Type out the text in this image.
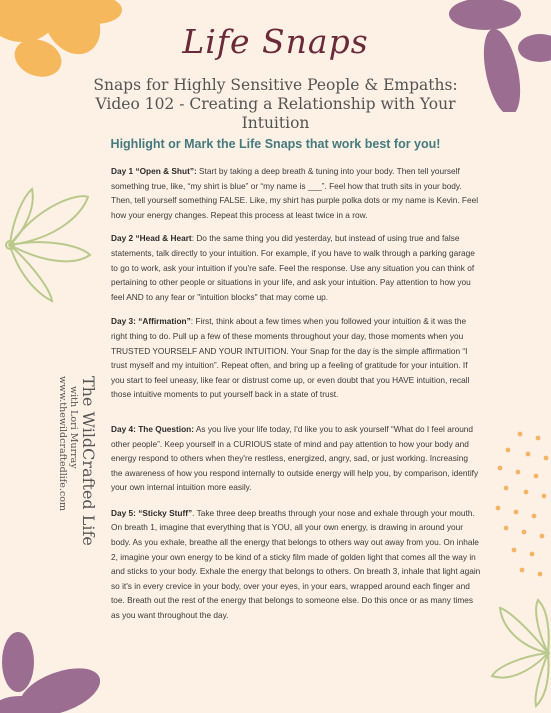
Life Snaps
Snaps for Highly Sensitive People & Empaths: Video 102 - Creating a Relationship with Your Intuition
Highlight or Mark the Life Snaps that work best for you!

Day 1 “Open & Shut”: Start by taking a deep breath & tuning into your body. Then tell yourself something true, like, “my shirt is blue” or “my name is ___”. Feel how that truth sits in your body. Then, tell yourself something FALSE. Like, my shirt has purple polka dots or my name is Kevin. Feel how your energy changes. Repeat this process at least twice in a row.

Day 2 “Head & Heart: Do the same thing you did yesterday, but instead of using true and false statements, talk directly to your intuition. For example, if you have to walk through a parking garage to go to work, ask your intuition if you're safe. Feel the response. Use any situation you can think of pertaining to other people or situations in your life, and ask your intuition. Pay attention to how you feel AND to any fear or "intuition blocks" that may come up.

Day 3: “Affirmation”: First, think about a few times when you followed your intuition & it was the right thing to do. Pull up a few of these moments throughout your day, those moments when you TRUSTED YOURSELF AND YOUR INTUITION. Your Snap for the day is the simple affirmation “I trust myself and my intuition”. Repeat often, and bring up a feeling of gratitude for your intuition. If you start to feel uneasy, like fear or distrust come up, or even doubt that you HAVE intuition, recall those intuitive moments to put yourself back in a state of trust.

Day 4: The Question: As you live your life today, I'd like you to ask yourself “What do I feel around other people”. Keep yourself in a CURIOUS state of mind and pay attention to how your body and energy respond to others when they're restless, energized, angry, sad, or just working. Increasing the awareness of how you respond internally to outside energy will help you, by comparison, identify your own internal intuition more easily.

Day 5: “Sticky Stuff”. Take three deep breaths through your nose and exhale through your mouth. On breath 1, imagine that everything that is YOU, all your own energy, is drawing in around your body. As you exhale, breathe all the energy that belongs to others way out away from you. On inhale 2, imagine your own energy to be kind of a sticky film made of golden light that comes all the way in and sticks to your body. Exhale the energy that belongs to others. On breath 3, inhale that light again so it's in every crevice in your body, over your eyes, in your ears, wrapped around each finger and toe. Breath out the rest of the energy that belongs to someone else. Do this once or as many times as you want throughout the day.

The WildCrafted Life
with Lori Murray
www.thewildcraftedlife.com
